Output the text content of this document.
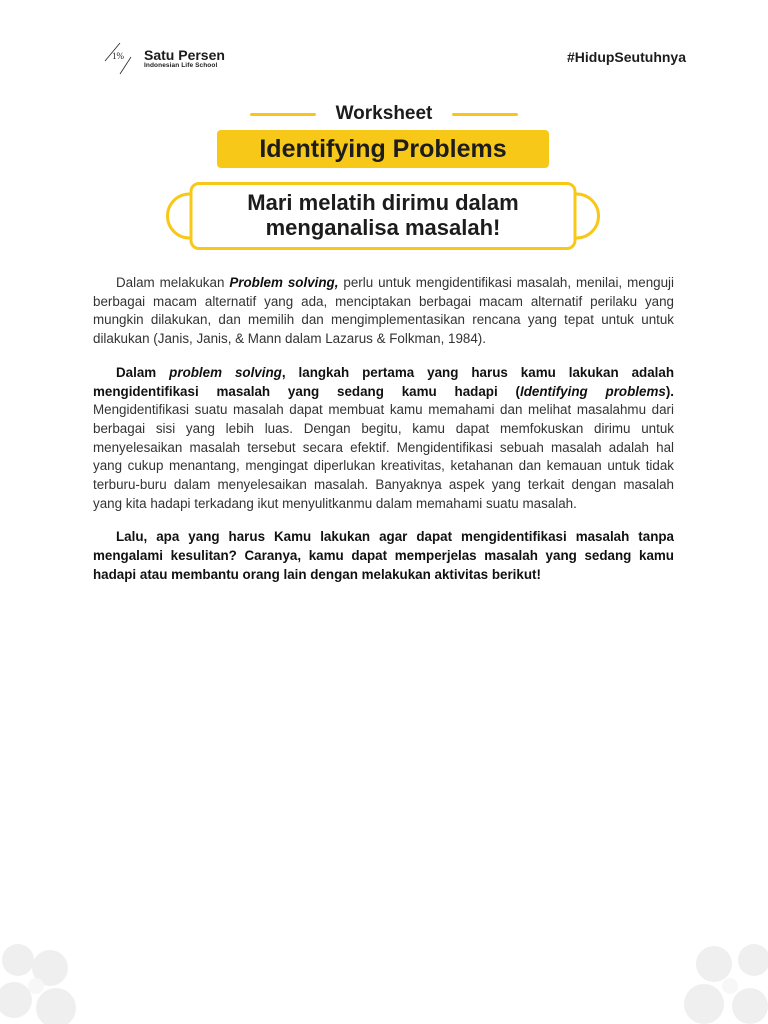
1% Satu Persen
Indonesian Life School
#HidupSeutuhnya
Worksheet
Identifying Problems
Mari melatih dirimu dalam
menganalisa masalah!

Dalam melakukan Problem solving, perlu untuk mengidentifikasi masalah, menilai, menguji berbagai macam alternatif yang ada, menciptakan berbagai macam alternatif perilaku yang mungkin dilakukan, dan memilih dan mengimplementasikan rencana yang tepat untuk untuk dilakukan (Janis, Janis, & Mann dalam Lazarus & Folkman, 1984).

Dalam problem solving, langkah pertama yang harus kamu lakukan adalah mengidentifikasi masalah yang sedang kamu hadapi (Identifying problems). Mengidentifikasi suatu masalah dapat membuat kamu memahami dan melihat masalahmu dari berbagai sisi yang lebih luas. Dengan begitu, kamu dapat memfokuskan dirimu untuk menyelesaikan masalah tersebut secara efektif. Mengidentifikasi sebuah masalah adalah hal yang cukup menantang, mengingat diperlukan kreativitas, ketahanan dan kemauan untuk tidak terburu-buru dalam menyelesaikan masalah. Banyaknya aspek yang terkait dengan masalah yang kita hadapi terkadang ikut menyulitkanmu dalam memahami suatu masalah.

Lalu, apa yang harus Kamu lakukan agar dapat mengidentifikasi masalah tanpa mengalami kesulitan? Caranya, kamu dapat memperjelas masalah yang sedang kamu hadapi atau membantu orang lain dengan melakukan aktivitas berikut!
